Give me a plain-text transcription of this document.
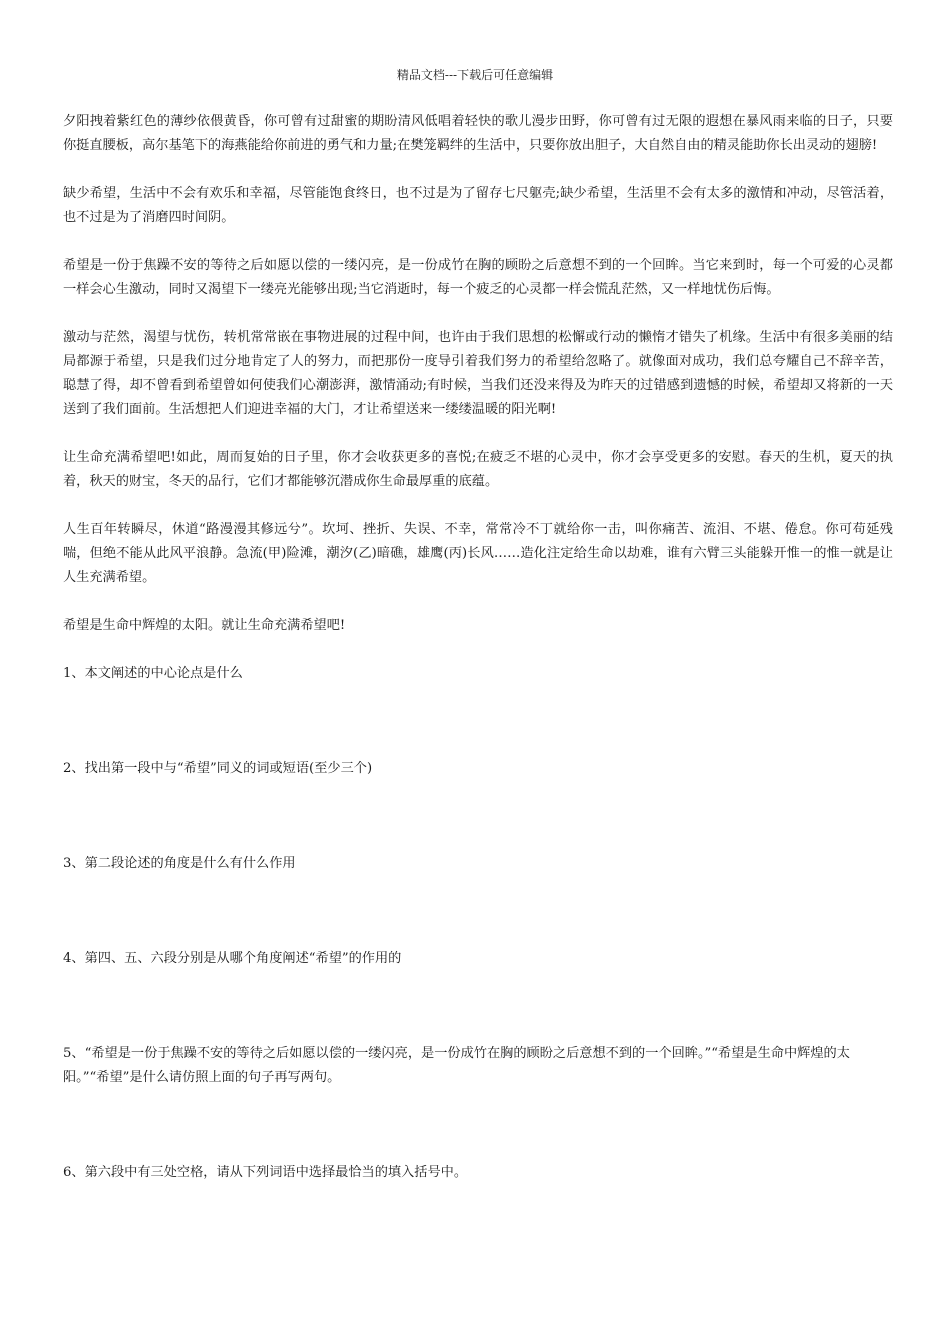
精品文档---下载后可任意编辑

夕阳拽着紫红色的薄纱依偎黄昏，你可曾有过甜蜜的期盼清风低唱着轻快的歌儿漫步田野，你可曾有过无限的遐想在暴风雨来临的日子，只要你挺直腰板，高尔基笔下的海燕能给你前进的勇气和力量;在樊笼羁绊的生活中，只要你放出胆子，大自然自由的精灵能助你长出灵动的翅膀!

缺少希望，生活中不会有欢乐和幸福，尽管能饱食终日，也不过是为了留存七尺躯壳;缺少希望，生活里不会有太多的激情和冲动，尽管活着，也不过是为了消磨四时间阴。

希望是一份于焦躁不安的等待之后如愿以偿的一缕闪亮，是一份成竹在胸的顾盼之后意想不到的一个回眸。当它来到时，每一个可爱的心灵都一样会心生激动，同时又渴望下一缕亮光能够出现;当它消逝时，每一个疲乏的心灵都一样会慌乱茫然，又一样地忧伤后悔。

激动与茫然，渴望与忧伤，转机常常嵌在事物进展的过程中间，也许由于我们思想的松懈或行动的懒惰才错失了机缘。生活中有很多美丽的结局都源于希望，只是我们过分地肯定了人的努力，而把那份一度导引着我们努力的希望给忽略了。就像面对成功，我们总夸耀自己不辞辛苦，聪慧了得，却不曾看到希望曾如何使我们心潮澎湃，激情涌动;有时候，当我们还没来得及为昨天的过错感到遗憾的时候，希望却又将新的一天送到了我们面前。生活想把人们迎进幸福的大门，才让希望送来一缕缕温暖的阳光啊!

让生命充满希望吧!如此，周而复始的日子里，你才会收获更多的喜悦;在疲乏不堪的心灵中，你才会享受更多的安慰。春天的生机，夏天的执着，秋天的财宝，冬天的品行，它们才都能够沉潜成你生命最厚重的底蕴。

人生百年转瞬尽，休道“路漫漫其修远兮”。坎坷、挫折、失误、不幸，常常冷不丁就给你一击，叫你痛苦、流泪、不堪、倦怠。你可苟延残喘，但绝不能从此风平浪静。急流(甲)险滩，潮汐(乙)暗礁，雄鹰(丙)长风……造化注定给生命以劫难，谁有六臂三头能躲开惟一的惟一就是让人生充满希望。

希望是生命中辉煌的太阳。就让生命充满希望吧!

1、本文阐述的中心论点是什么

2、找出第一段中与“希望”同义的词或短语(至少三个)

3、第二段论述的角度是什么有什么作用

4、第四、五、六段分别是从哪个角度阐述“希望”的作用的

5、“希望是一份于焦躁不安的等待之后如愿以偿的一缕闪亮，是一份成竹在胸的顾盼之后意想不到的一个回眸。”“希望是生命中辉煌的太阳。”“希望”是什么请仿照上面的句子再写两句。

6、第六段中有三处空格，请从下列词语中选择最恰当的填入括号中。
